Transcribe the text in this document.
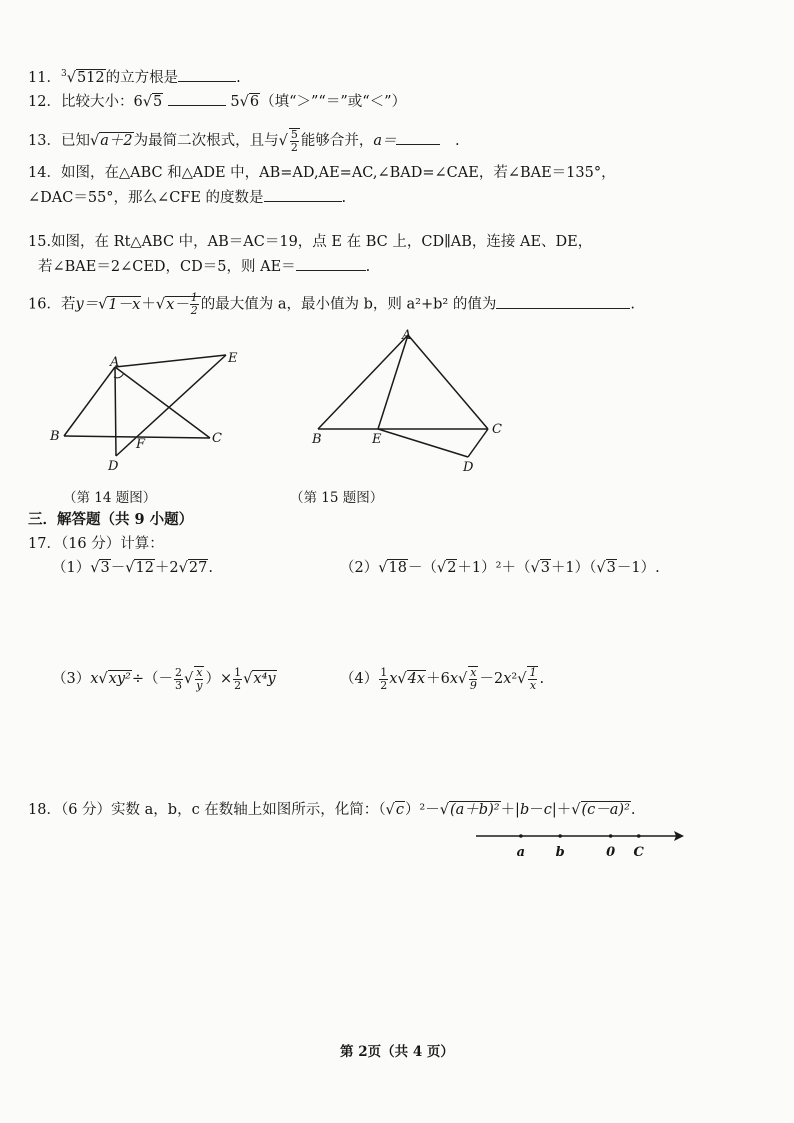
11．$^3$√512的立方根是	.
12．比较大小：6√5	5√6（填“＞”“＝”或“＜”）
13．已知√a＋2为最简二次根式，且与√ $\frac{5}{2}$ 能够合并，a＝	　.
14．如图，在△ABC 和△ADE 中，AB=AD,AE=AC,∠BAD=∠CAE，若∠BAE＝135°，
∠DAC＝55°，那么∠CFE 的度数是	.
15.如图，在 Rt△ABC 中，AB＝AC＝19，点 E 在 BC 上，CD∥AB，连接 AE、DE，
若∠BAE＝2∠CED，CD＝5，则 AE＝	.
16．若$y=√1-x+√x- \frac{1}{2}$ 的最大值为 a，最小值为 b，则 a²+b² 的值为	.
A
B	C
D
E
F
A
B
C
D
E
（第 14 题图）	（第 15 题图）
三．解答题（共 9 小题）
17．（16 分）计算：
（1）√3－√12＋2√27.	（2）√18－（√2＋1）²＋（√3＋1）（√3－1）.
$(3)x√xy^2\div(- \frac{2}{3}$ √ $\frac{x}{y}$ ）× $\frac{1}{2} √x^4y$	$(4) \frac{1}{2} x√4x+6x√ \frac{x}{9} -2x^2√ \frac{1}{x}$ .
18．（6 分）实数 a，b，c 在数轴上如图所示，化简：（√c）²－√(a＋b)²＋|b－c|＋√(c－a)².
a b	0 C
第 2页（共 4 页）
